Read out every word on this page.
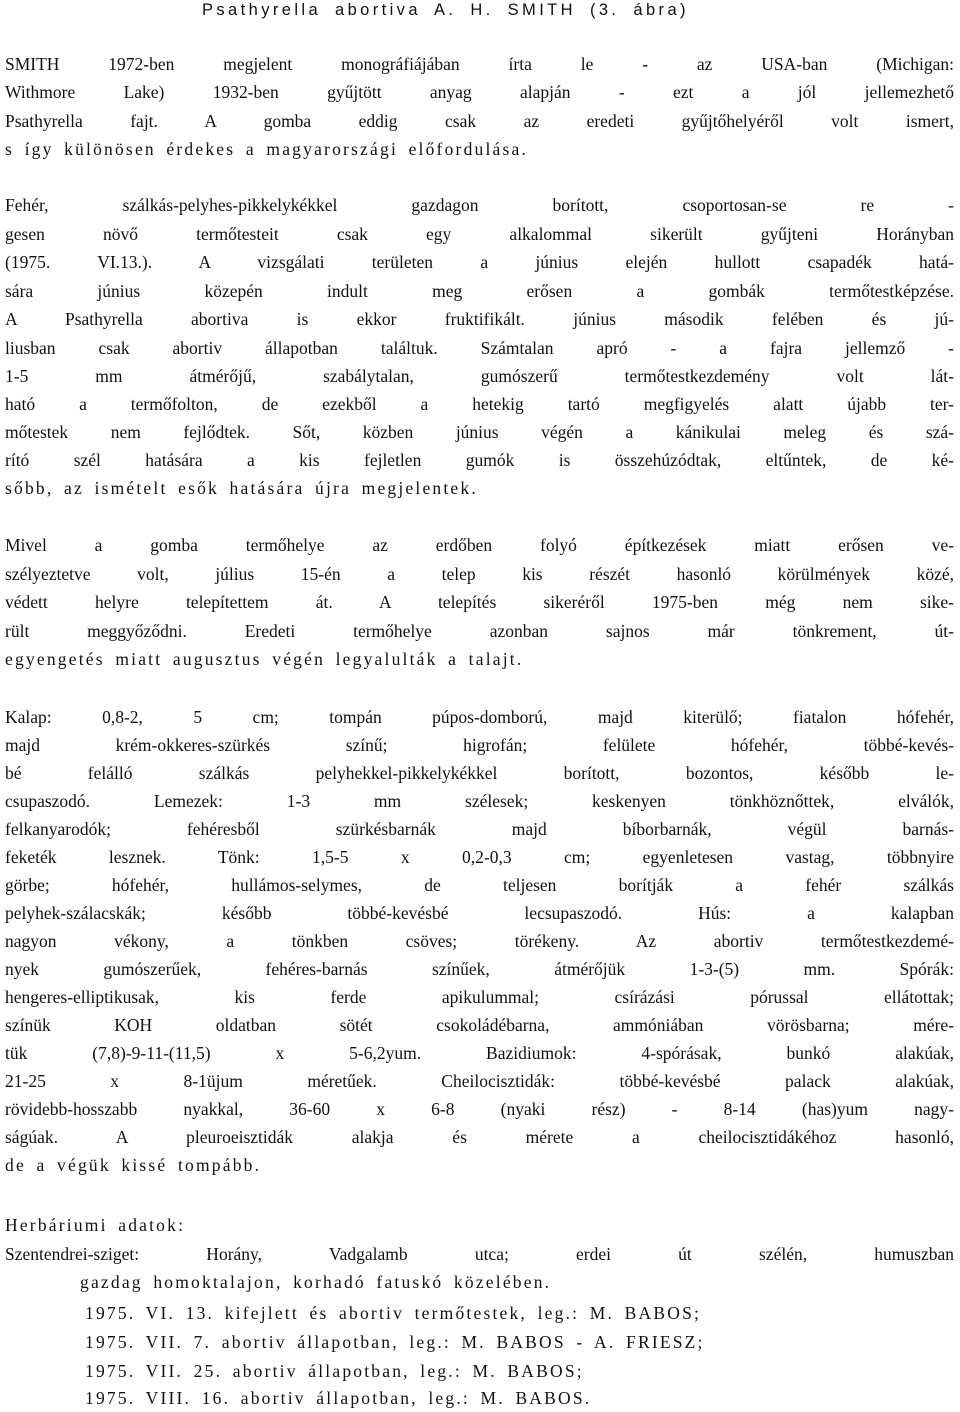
Psathyrella abortiva A. H. SMITH (3. ábra)
SMITH 1972-ben megjelent monográfiájában írta le - az USA-ban (Michigan:
Withmore Lake) 1932-ben gyűjtött anyag alapján - ezt a jól jellemezhető
Psathyrella fajt. A gomba eddig csak az eredeti gyűjtőhelyéről volt ismert,
s így különösen érdekes a magyarországi előfordulása.
Fehér, szálkás-pelyhes-pikkelykékkel gazdagon borított, csoportosan-se re -
gesen növő termőtesteit csak egy alkalommal sikerült gyűjteni Horányban
(1975. VI.13.). A vizsgálati területen a június elején hullott csapadék hatá-
sára június közepén indult meg erősen a gombák termőtestképzése.
A Psathyrella abortiva is ekkor fruktifikált. június második felében és jú-
liusban csak abortiv állapotban találtuk. Számtalan apró - a fajra jellemző -
1-5 mm átmérőjű, szabálytalan, gumószerű termőtestkezdemény volt lát-
ható a termőfolton, de ezekből a hetekig tartó megfigyelés alatt újabb ter-
mőtestek nem fejlődtek. Sőt, közben június végén a kánikulai meleg és szá-
rító szél hatására a kis fejletlen gumók is összehúzódtak, eltűntek, de ké-
sőbb, az ismételt esők hatására újra megjelentek.
Mivel a gomba termőhelye az erdőben folyó építkezések miatt erősen ve-
szélyeztetve volt, július 15-én a telep kis részét hasonló körülmények közé,
védett helyre telepítettem át. A telepítés sikeréről 1975-ben még nem sike-
rült meggyőződni. Eredeti termőhelye azonban sajnos már tönkrement, út-
egyengetés miatt augusztus végén legyalulták a talajt.
Kalap: 0,8-2, 5 cm; tompán púpos-domború, majd kiterülő; fiatalon hófehér,
majd krém-okkeres-szürkés színű; higrofán; felülete hófehér, többé-kevés-
bé felálló szálkás pelyhekkel-pikkelykékkel borított, bozontos, később le-
csupaszodó. Lemezek: 1-3 mm szélesek; keskenyen tönkhöznőttek, elválók,
felkanyarodók; fehéresből szürkésbarnák majd bíborbarnák, végül barnás-
feketék lesznek. Tönk: 1,5-5 x 0,2-0,3 cm; egyenletesen vastag, többnyire
görbe; hófehér, hullámos-selymes, de teljesen borítják a fehér szálkás
pelyhek-szálacskák; később többé-kevésbé lecsupaszodó. Hús: a kalapban
nagyon vékony, a tönkben csöves; törékeny. Az abortiv termőtestkezdemé-
nyek gumószerűek, fehéres-barnás színűek, átmérőjük 1-3-(5) mm. Spórák:
hengeres-elliptikusak, kis ferde apikulummal; csírázási pórussal ellátottak;
színük KOH oldatban sötét csokoládébarna, ammóniában vörösbarna; mére-
tük (7,8)-9-11-(11,5) x 5-6,2yum. Bazidiumok: 4-spórásak, bunkó alakúak,
21-25 x 8-1üjum méretűek. Cheilocisztidák: többé-kevésbé palack alakúak,
rövidebb-hosszabb nyakkal, 36-60 x 6-8 (nyaki rész) - 8-14 (has)yum nagy-
ságúak. A pleuroeisztidák alakja és mérete a cheilocisztidákéhoz hasonló,
de a végük kissé tompább.
Herbáriumi adatok:
Szentendrei-sziget: Horány, Vadgalamb utca; erdei út szélén, humuszban
gazdag homoktalajon, korhadó fatuskó közelében.
1975. VI. 13. kifejlett és abortiv termőtestek, leg.: M. BABOS;
1975. VII. 7. abortiv állapotban, leg.: M. BABOS - A. FRIESZ;
1975. VII. 25. abortiv állapotban, leg.: M. BABOS;
1975. VIII. 16. abortiv állapotban, leg.: M. BABOS.
